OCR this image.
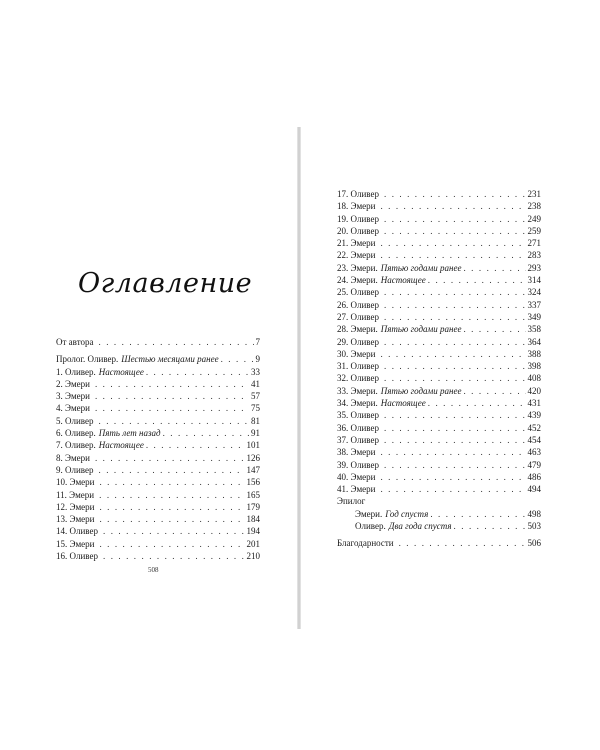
Оглавление
От автора . . .	7
Пролог. Оливер. Шестью месяцами ранее . . .	9
1. Оливер. Настоящее . . .	33
2. Эмери . . .	41
3. Эмери . . .	57
4. Эмери . . .	75
5. Оливер . . .	81
6. Оливер. Пять лет назад . . .	91
7. Оливер. Настоящее . . .	101
8. Эмери . . .	126
9. Оливер . . .	147
10. Эмери . . .	156
11. Эмери . . .	165
12. Эмери . . .	179
13. Эмери . . .	184
14. Оливер . . .	194
15. Эмери . . .	201
16. Оливер . . .	210
508
17. Оливер . . .	231
18. Эмери . . .	238
19. Оливер . . .	249
20. Оливер . . .	259
21. Эмери . . .	271
22. Эмери . . .	283
23. Эмери. Пятью годами ранее . . .	293
24. Эмери. Настоящее . . .	314
25. Оливер . . .	324
26. Оливер . . .	337
27. Оливер . . .	349
28. Эмери. Пятью годами ранее . . .	358
29. Оливер . . .	364
30. Эмери . . .	388
31. Оливер . . .	398
32. Оливер . . .	408
33. Эмери. Пятью годами ранее . . .	420
34. Эмери. Настоящее . . .	431
35. Оливер . . .	439
36. Оливер . . .	452
37. Оливер . . .	454
38. Эмери . . .	463
39. Оливер . . .	479
40. Эмери . . .	486
41. Эмери . . .	494
Эпилог
Эмери. Год спустя . . .	498
Оливер. Два года спустя . . .	503
Благодарности . . .	506
